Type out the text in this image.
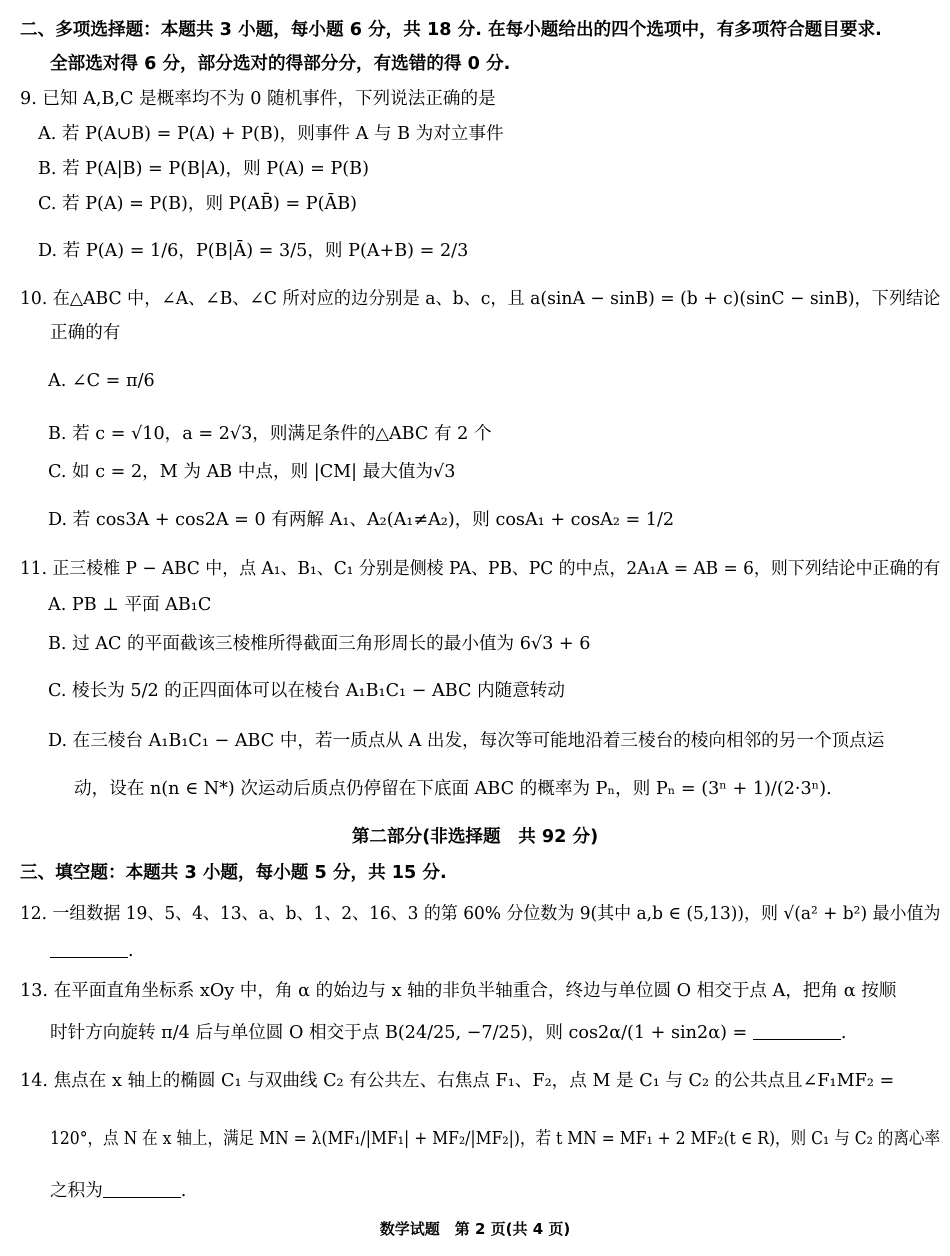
二、多项选择题：本题共 3 小题，每小题 6 分，共 18 分. 在每小题给出的四个选项中，有多项符合题目要求.
全部选对得 6 分，部分选对的得部分分，有选错的得 0 分.
9. 已知 A,B,C 是概率均不为 0 随机事件，下列说法正确的是
A. 若 P(A∪B) = P(A) + P(B)，则事件 A 与 B 为对立事件
B. 若 P(A|B) = P(B|A)，则 P(A) = P(B)
C. 若 P(A) = P(B)，则 P(AB̄) = P(ĀB)
D. 若 P(A) = 1/6，P(B|Ā) = 3/5，则 P(A+B) = 2/3
10. 在△ABC 中，∠A、∠B、∠C 所对应的边分别是 a、b、c，且 a(sinA − sinB) = (b + c)(sinC − sinB)，下列结论
正确的有
A. ∠C = π/6
B. 若 c = √10，a = 2√3，则满足条件的△ABC 有 2 个
C. 如 c = 2，M 为 AB 中点，则 |CM| 最大值为√3
D. 若 cos3A + cos2A = 0 有两解 A₁、A₂(A₁≠A₂)，则 cosA₁ + cosA₂ = 1/2
11. 正三棱椎 P − ABC 中，点 A₁、B₁、C₁ 分别是侧棱 PA、PB、PC 的中点，2A₁A = AB = 6，则下列结论中正确的有
A. PB ⊥ 平面 AB₁C
B. 过 AC 的平面截该三棱椎所得截面三角形周长的最小值为 6√3 + 6
C. 棱长为 5/2 的正四面体可以在棱台 A₁B₁C₁ − ABC 内随意转动
D. 在三棱台 A₁B₁C₁ − ABC 中，若一质点从 A 出发，每次等可能地沿着三棱台的棱向相邻的另一个顶点运
动，设在 n(n ∈ N*) 次运动后质点仍停留在下底面 ABC 的概率为 Pₙ，则 Pₙ = (3ⁿ + 1)/(2·3ⁿ).
第二部分(非选择题　共 92 分)
三、填空题：本题共 3 小题，每小题 5 分，共 15 分.
12. 一组数据 19、5、4、13、a、b、1、2、16、3 的第 60% 分位数为 9(其中 a,b ∈ (5,13))，则 √(a² + b²) 最小值为
.
13. 在平面直角坐标系 xOy 中，角 α 的始边与 x 轴的非负半轴重合，终边与单位圆 O 相交于点 A，把角 α 按顺
时针方向旋转 π/4 后与单位圆 O 相交于点 B(24/25, −7/25)，则 cos2α/(1 + sin2α) =	.
14. 焦点在 x 轴上的椭圆 C₁ 与双曲线 C₂ 有公共左、右焦点 F₁、F₂，点 M 是 C₁ 与 C₂ 的公共点且∠F₁MF₂ =
120°，点 N 在 x 轴上，满足 MN = λ(MF₁/|MF₁| + MF₂/|MF₂|)，若 t MN = MF₁ + 2 MF₂(t ∈ R)，则 C₁ 与 C₂ 的离心率
之积为	.
数学试题　第 2 页(共 4 页)
